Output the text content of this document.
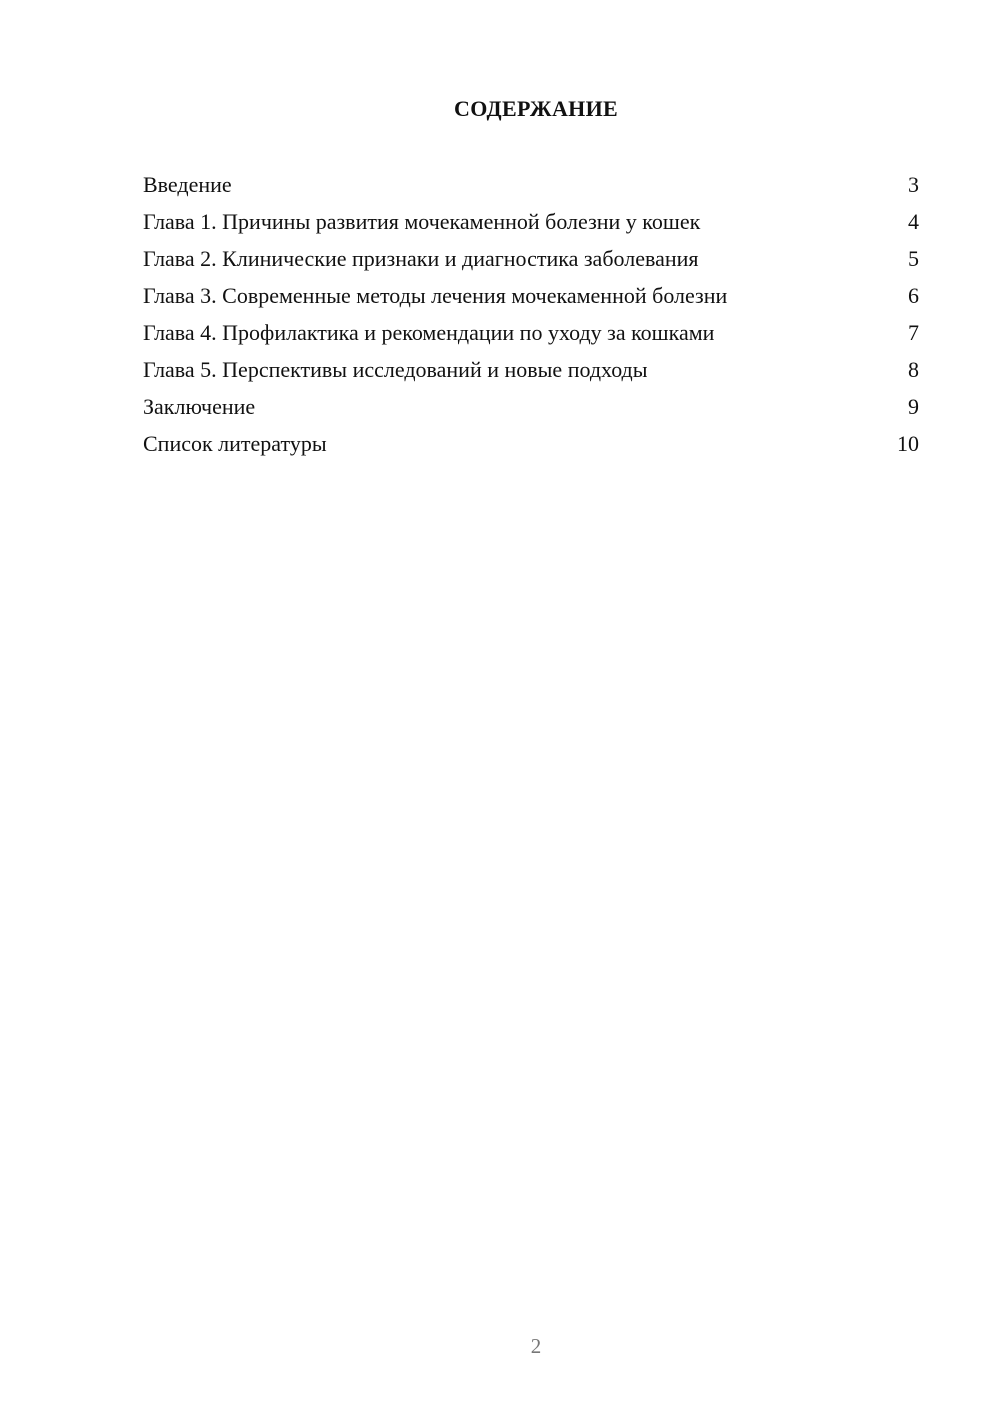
СОДЕРЖАНИЕ
Введение	3
Глава 1. Причины развития мочекаменной болезни у кошек	4
Глава 2. Клинические признаки и диагностика заболевания	5
Глава 3. Современные методы лечения мочекаменной болезни	6
Глава 4. Профилактика и рекомендации по уходу за кошками	7
Глава 5. Перспективы исследований и новые подходы	8
Заключение	9
Список литературы	10
2
